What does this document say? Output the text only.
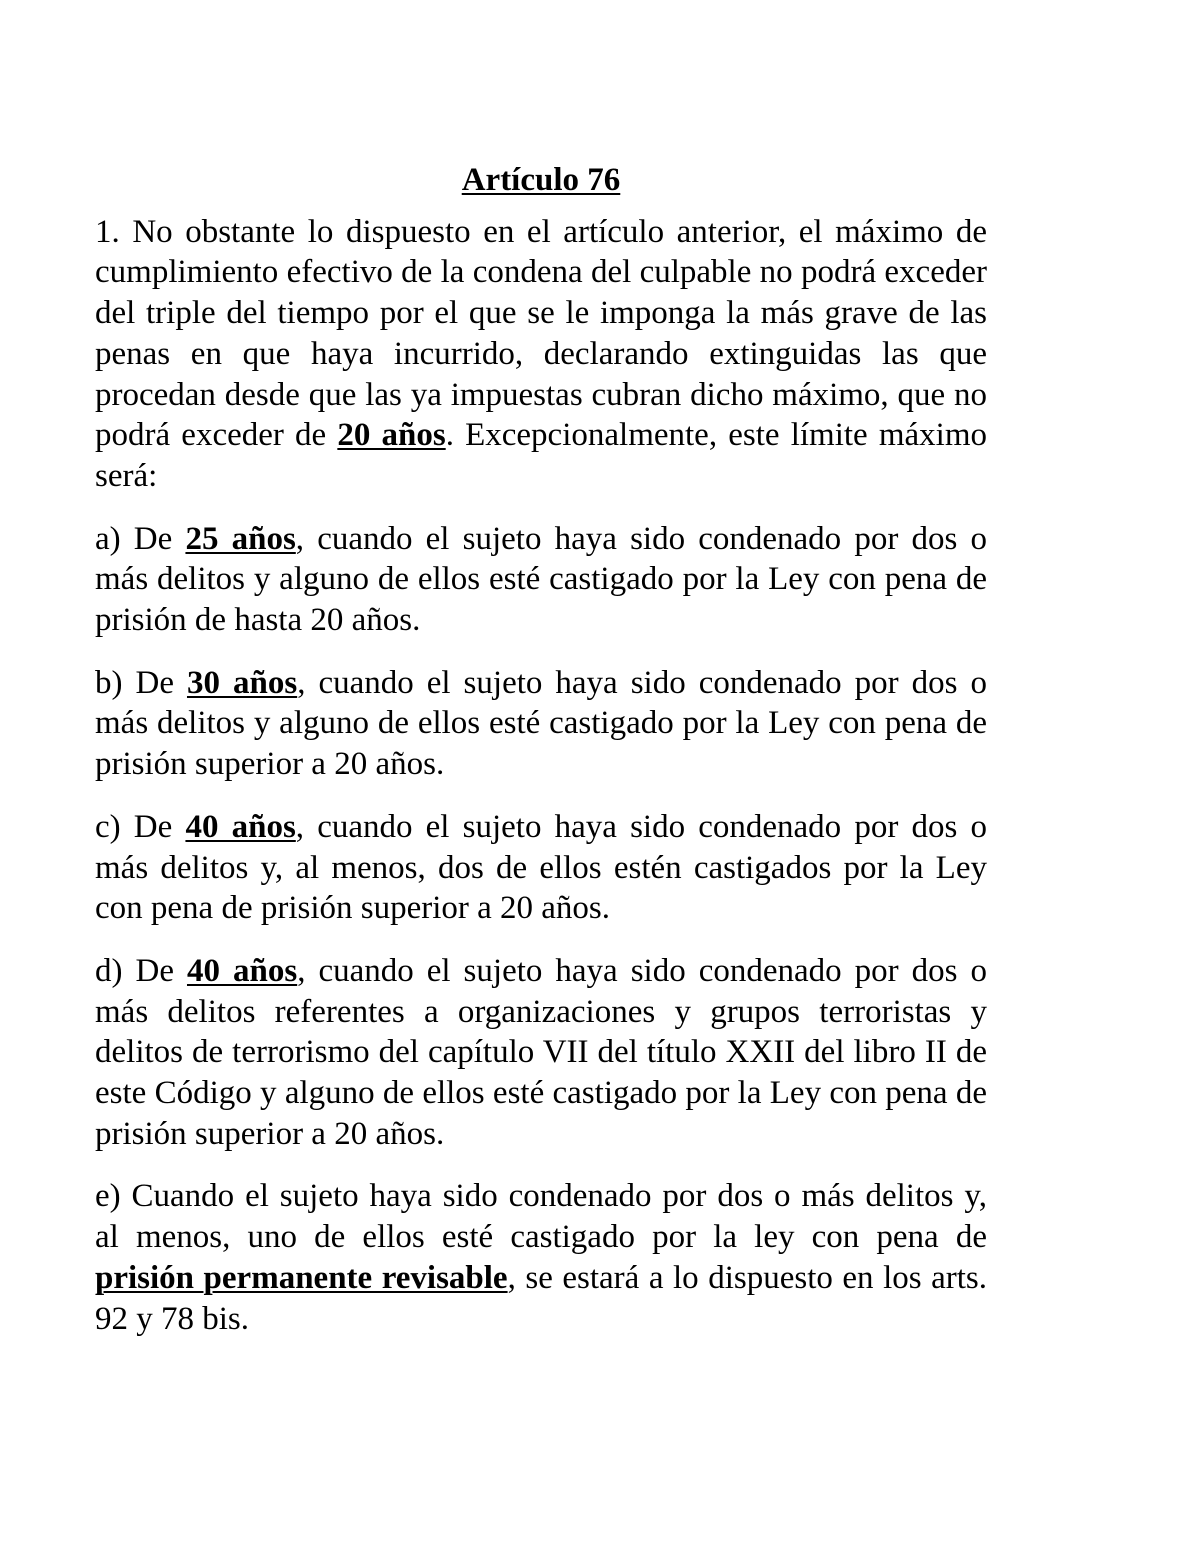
Artículo 76

1. No obstante lo dispuesto en el artículo anterior, el máximo de cumplimiento efectivo de la condena del culpable no podrá exceder del triple del tiempo por el que se le imponga la más grave de las penas en que haya incurrido, declarando extinguidas las que procedan desde que las ya impuestas cubran dicho máximo, que no podrá exceder de 20 años. Excepcionalmente, este límite máximo será:

a) De 25 años, cuando el sujeto haya sido condenado por dos o más delitos y alguno de ellos esté castigado por la Ley con pena de prisión de hasta 20 años.

b) De 30 años, cuando el sujeto haya sido condenado por dos o más delitos y alguno de ellos esté castigado por la Ley con pena de prisión superior a 20 años.

c) De 40 años, cuando el sujeto haya sido condenado por dos o más delitos y, al menos, dos de ellos estén castigados por la Ley con pena de prisión superior a 20 años.

d) De 40 años, cuando el sujeto haya sido condenado por dos o más delitos referentes a organizaciones y grupos terroristas y delitos de terrorismo del capítulo VII del título XXII del libro II de este Código y alguno de ellos esté castigado por la Ley con pena de prisión superior a 20 años.

e) Cuando el sujeto haya sido condenado por dos o más delitos y, al menos, uno de ellos esté castigado por la ley con pena de prisión permanente revisable, se estará a lo dispuesto en los arts. 92 y 78 bis.
